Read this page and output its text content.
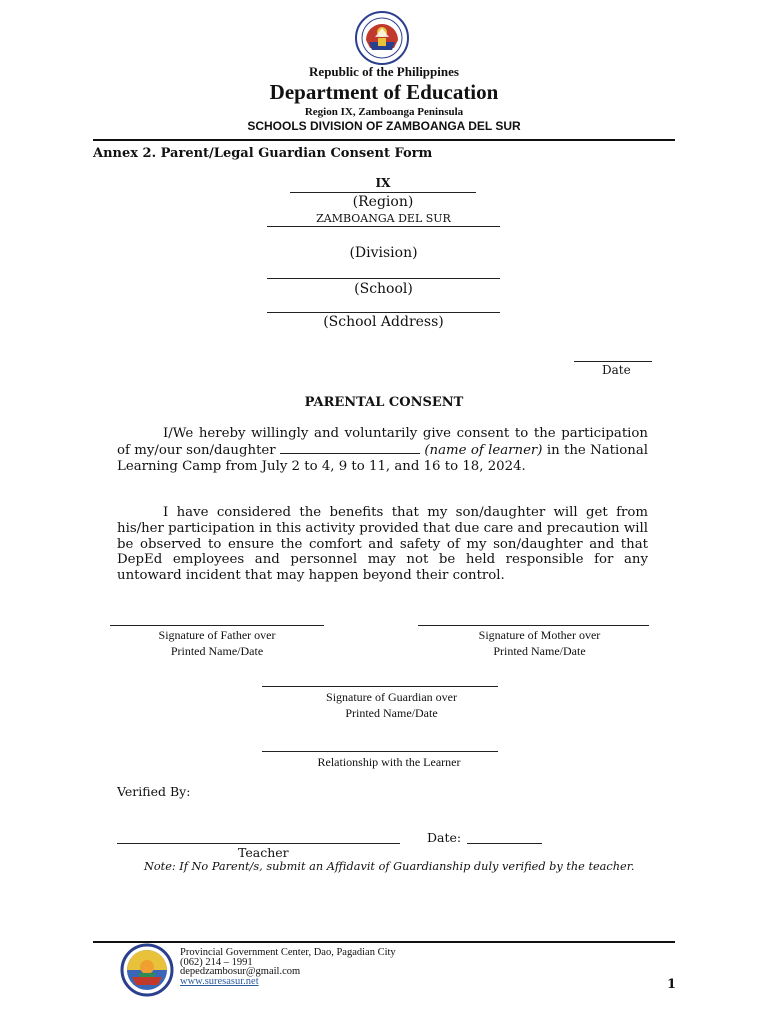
Republic of the Philippines
Department of Education
Region IX, Zamboanga Peninsula
SCHOOLS DIVISION OF ZAMBOANGA DEL SUR
Annex 2. Parent/Legal Guardian Consent Form
IX
(Region)
ZAMBOANGA DEL SUR
(Division)
(School)
(School Address)
Date
PARENTAL CONSENT
I/We hereby willingly and voluntarily give consent to the participation of my/our son/daughter	(name of learner) in the National Learning Camp from July 2 to 4, 9 to 11, and 16 to 18, 2024.
I have considered the benefits that my son/daughter will get from his/her participation in this activity provided that due care and precaution will be observed to ensure the comfort and safety of my son/daughter and that DepEd employees and personnel may not be held responsible for any untoward incident that may happen beyond their control.
Signature of Father over
Printed Name/Date
Signature of Mother over
Printed Name/Date
Signature of Guardian over
Printed Name/Date
Relationship with the Learner
Verified By:
Date:
Teacher
Note: If No Parent/s, submit an Affidavit of Guardianship duly verified by the teacher.
Provincial Government Center, Dao, Pagadian City
(062) 214 – 1991
depedzambosur@gmail.com
www.suresasur.net	1
